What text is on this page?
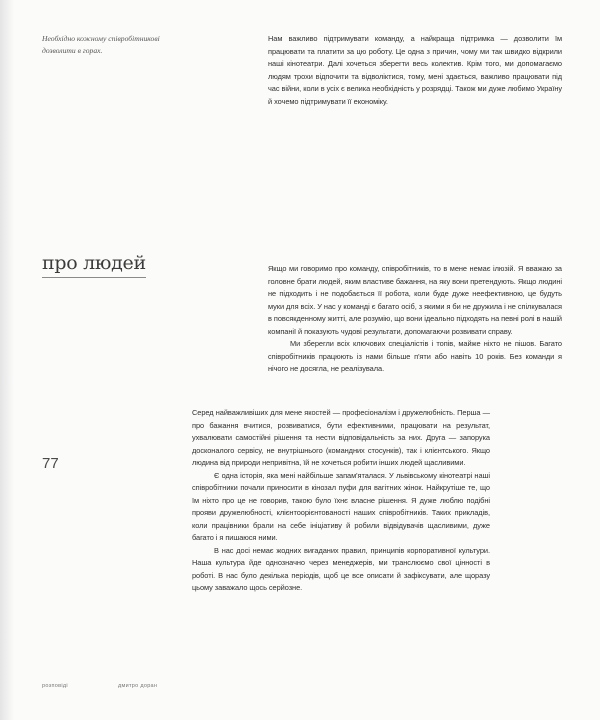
Необхідно кожному співробітникові дозволити в горах.

Нам важливо підтримувати команду, а найкраща підтримка — дозволити їм працювати та платити за цю роботу. Це одна з причин, чому ми так швидко відкрили наші кінотеатри. Далі хочеться зберегти весь колектив. Крім того, ми допомагаємо людям трохи відпочити та відволіктися, тому, мені здається, важливо працювати під час війни, коли в усіх є велика необхідність у розрядці. Також ми дуже любимо Україну й хочемо підтримувати її економіку.

про людей	Якщо ми говоримо про команду, співробітників, то в мене немає ілюзій. Я вважаю за головне брати людей, яким властиве бажання, на яку вони претендують. Якщо людині не підходить і не подобається її робота, коли буде дуже неефективною, це будуть муки для всіх. У нас у команді є багато осіб, з якими я би не дружила і не спілкувалася в повсякденному житті, але розумію, що вони ідеально підходять на певні ролі в нашій компанії й показують чудові результати, допомагаючи розвивати справу.

Ми зберегли всіх ключових спеціалістів і топів, майже ніхто не пішов. Багато співробітників працюють із нами більше п'яти або навіть 10 років. Без команди я нічого не досягла, не реалізувала.

77

Серед найважливіших для мене якостей — професіоналізм і дружелюбність. Перша — про бажання вчитися, розвиватися, бути ефективними, працювати на результат, ухвалювати самостійні рішення та нести відповідальність за них. Друга — запорука досконалого сервісу, не внутрішнього (командних стосунків), так і клієнтського. Якщо людина від природи непривітна, їй не хочеться робити інших людей щасливими.

Є одна історія, яка мені найбільше запам'яталася. У львівському кінотеатрі наші співробітники почали приносити в кінозал пуфи для вагітних жінок. Найкрутіше те, що їм ніхто про це не говорив, такою було їхнє власне рішення. Я дуже люблю подібні прояви дружелюбності, клієнтоорієнтованості наших співробітників. Таких прикладів, коли працівники брали на себе ініціативу й робили відвідувачів щасливими, дуже багато і я пишаюся ними.

В нас досі немає жодних вигаданих правил, принципів корпоративної культури. Наша культура йде однозначно через менеджерів, ми транслюємо свої цінності в роботі. В нас було декілька періодів, щоб це все описати й зафіксувати, але щоразу цьому заважало щось серйозне.

розповіді	дмитро доран
